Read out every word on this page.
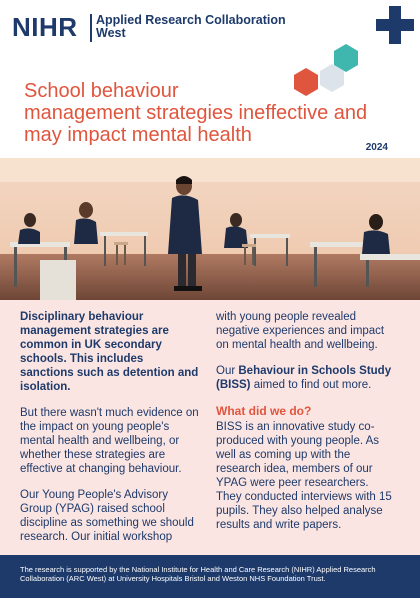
NIHR Applied Research Collaboration
West
School behaviour
management strategies ineffective and
may impact mental health
2024

Disciplinary behaviour management strategies are common in UK secondary schools. This includes sanctions such as detention and isolation.

But there wasn't much evidence on the impact on young people's mental health and wellbeing, or whether these strategies are effective at changing behaviour.

Our Young People's Advisory Group (YPAG) raised school discipline as something we should research. Our initial workshop

with young people revealed negative experiences and impact on mental health and wellbeing.

Our Behaviour in Schools Study (BISS) aimed to find out more.

What did we do?

BISS is an innovative study co-produced with young people. As well as coming up with the research idea, members of our YPAG were peer researchers. They conducted interviews with 15 pupils. They also helped analyse results and write papers.

The research is supported by the National Institute for Health and Care Research (NIHR) Applied Research Collaboration (ARC West) at University Hospitals Bristol and Weston NHS Foundation Trust.
